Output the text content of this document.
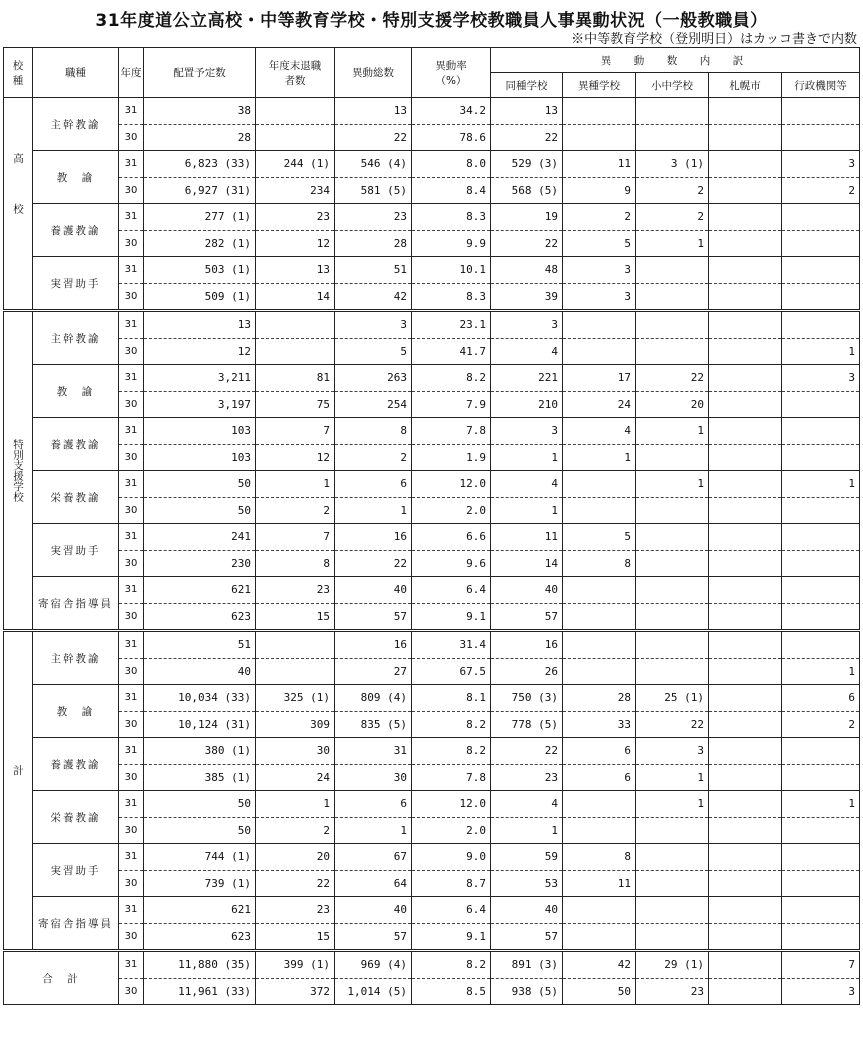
31年度道公立高校・中等教育学校・特別支援学校教職員人事異動状況（一般教職員）
※中等教育学校（登別明日）はカッコ書きで内数
校種	職種	年度	配置予定数	年度末退職者数	異動総数	異動率（%）	異　動　数　内　訳				
							同種学校	異種学校	小中学校	札幌市	行政機関等
高校	主幹教諭	31	38		13	34.2	13				
		30	28		22	78.6	22				
	教　諭	31	6,823 (33)	244 (1)	546 (4)	8.0	529 (3)	11	3 (1)		3
		30	6,927 (31)	234	581 (5)	8.4	568 (5)	9	2		2
	養護教諭	31	277 (1)	23	23	8.3	19	2	2		
		30	282 (1)	12	28	9.9	22	5	1		
	実習助手	31	503 (1)	13	51	10.1	48	3			
		30	509 (1)	14	42	8.3	39	3			
特別支援学校	主幹教諭	31	13		3	23.1	3				
		30	12		5	41.7	4				1
	教　諭	31	3,211	81	263	8.2	221	17	22		3
		30	3,197	75	254	7.9	210	24	20		
	養護教諭	31	103	7	8	7.8	3	4	1		
		30	103	12	2	1.9	1	1			
	栄養教諭	31	50	1	6	12.0	4		1		1
		30	50	2	1	2.0	1				
	実習助手	31	241	7	16	6.6	11	5			
		30	230	8	22	9.6	14	8			
	寄宿舎指導員	31	621	23	40	6.4	40				
		30	623	15	57	9.1	57				
計	主幹教諭	31	51		16	31.4	16				
		30	40		27	67.5	26				1
	教　諭	31	10,034 (33)	325 (1)	809 (4)	8.1	750 (3)	28	25 (1)		6
		30	10,124 (31)	309	835 (5)	8.2	778 (5)	33	22		2
	養護教諭	31	380 (1)	30	31	8.2	22	6	3		
		30	385 (1)	24	30	7.8	23	6	1		
	栄養教諭	31	50	1	6	12.0	4		1		1
		30	50	2	1	2.0	1				
	実習助手	31	744 (1)	20	67	9.0	59	8			
		30	739 (1)	22	64	8.7	53	11			
	寄宿舎指導員	31	621	23	40	6.4	40				
		30	623	15	57	9.1	57				
合　計		31	11,880 (35)	399 (1)	969 (4)	8.2	891 (3)	42	29 (1)		7
		30	11,961 (33)	372	1,014 (5)	8.5	938 (5)	50	23		3
